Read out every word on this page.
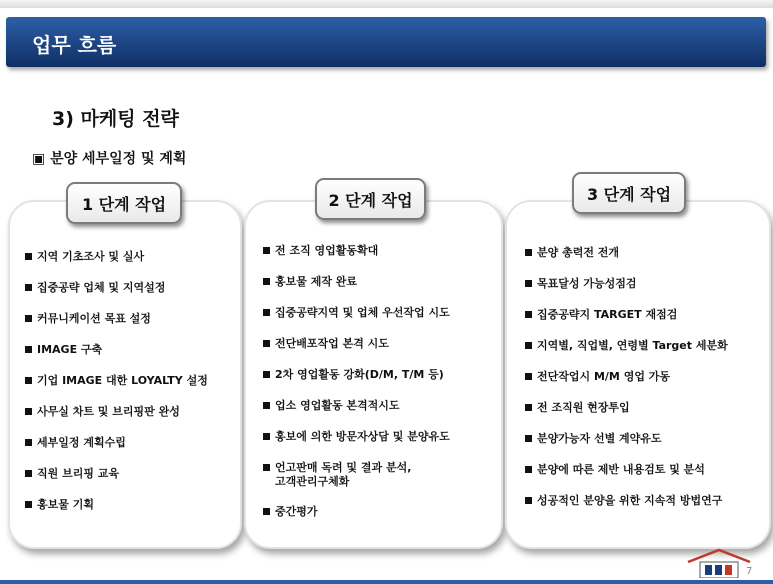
업무 흐름
3) 마케팅 전략
▣ 분양 세부일정 및 계획
1 단계 작업	2 단계 작업	3 단계 작업
지역 기초조사 및 실사
집중공략 업체 및 지역설정
커뮤니케이션 목표 설정
IMAGE 구축
기업 IMAGE 대한 LOYALTY 설정
사무실 차트 및 브리핑판 완성
세부일정 계획수립
직원 브리핑 교육
홍보물 기획
전 조직 영업활동확대
홍보물 제작 완료
집중공략지역 및 업체 우선작업 시도
전단배포작업 본격 시도
2차 영업활동 강화(D/M, T/M 등)
업소 영업활동 본격적시도
홍보에 의한 방문자상담 및 분양유도
언고판매 독려 및 결과 분석,
고객관리구체화
중간평가
분양 총력전 전개
목표달성 가능성점검
집중공략지 TARGET 재점검
지역별, 직업별, 연령별 Target 세분화
전단작업시 M/M 영업 가동
전 조직원 현장투입
분양가능자 선별 계약유도
분양에 따른 제반 내용검토 및 분석
성공적인 분양을 위한 지속적 방법연구
7
